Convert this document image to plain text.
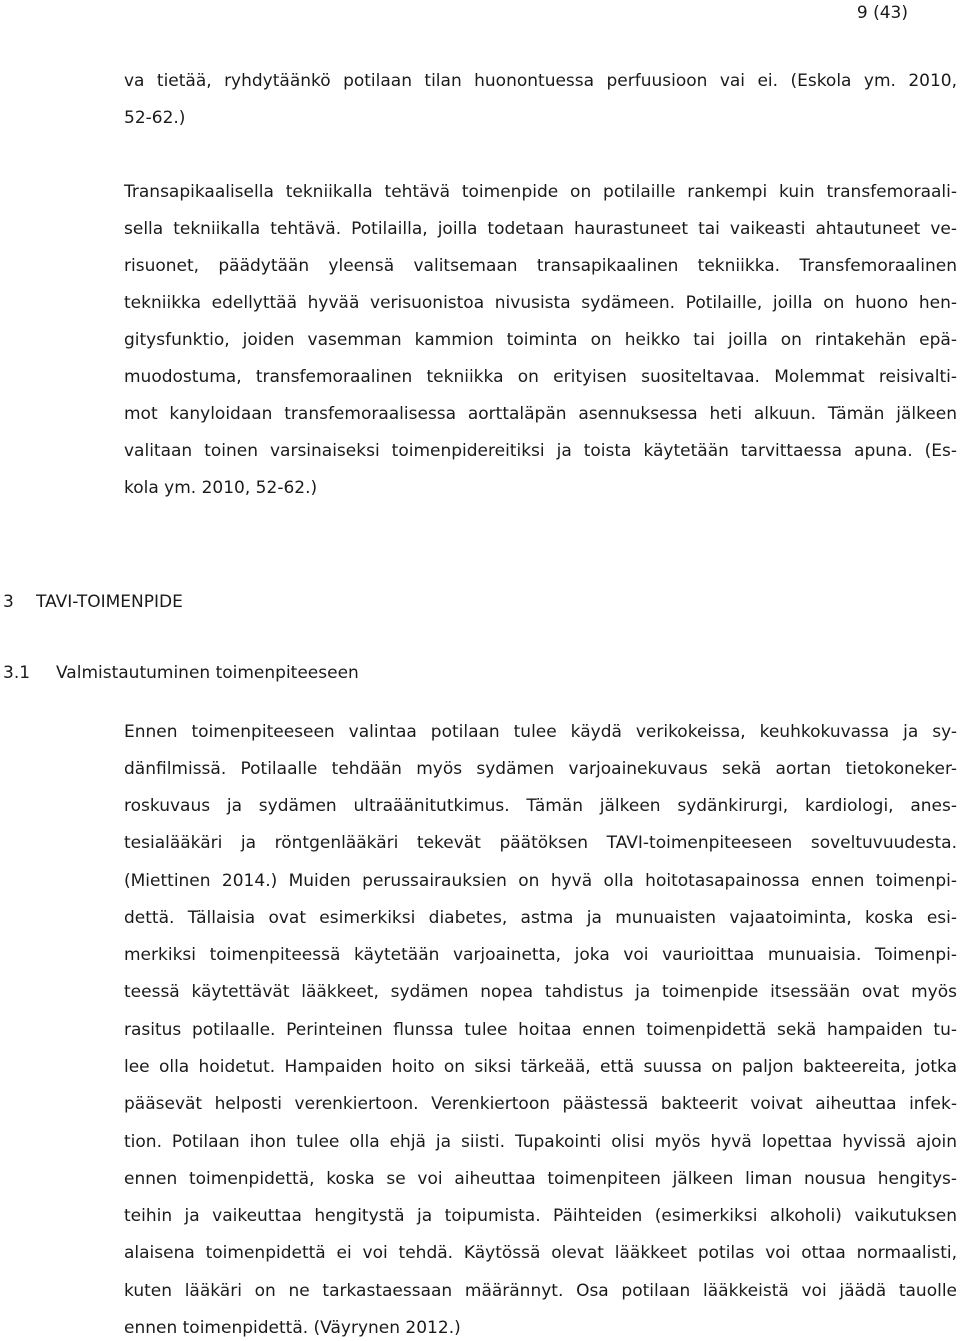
9 (43)
va tietää, ryhdytäänkö potilaan tilan huonontuessa perfuusioon vai ei. (Eskola ym. 2010,
52-62.)
Transapikaalisella tekniikalla tehtävä toimenpide on potilaille rankempi kuin transfemoraali-
sella tekniikalla tehtävä. Potilailla, joilla todetaan haurastuneet tai vaikeasti ahtautuneet ve-
risuonet, päädytään yleensä valitsemaan transapikaalinen tekniikka. Transfemoraalinen
tekniikka edellyttää hyvää verisuonistoa nivusista sydämeen. Potilaille, joilla on huono hen-
gitysfunktio, joiden vasemman kammion toiminta on heikko tai joilla on rintakehän epä-
muodostuma, transfemoraalinen tekniikka on erityisen suositeltavaa. Molemmat reisivalti-
mot kanyloidaan transfemoraalisessa aorttaläpän asennuksessa heti alkuun. Tämän jälkeen
valitaan toinen varsinaiseksi toimenpidereitiksi ja toista käytetään tarvittaessa apuna. (Es-
kola ym. 2010, 52-62.)
3 TAVI-TOIMENPIDE
3.1 Valmistautuminen toimenpiteeseen
Ennen toimenpiteeseen valintaa potilaan tulee käydä verikokeissa, keuhkokuvassa ja sy-
dänfilmissä. Potilaalle tehdään myös sydämen varjoainekuvaus sekä aortan tietokoneker-
roskuvaus ja sydämen ultraäänitutkimus. Tämän jälkeen sydänkirurgi, kardiologi, anes-
tesialääkäri ja röntgenlääkäri tekevät päätöksen TAVI-toimenpiteeseen soveltuvuudesta.
(Miettinen 2014.) Muiden perussairauksien on hyvä olla hoitotasapainossa ennen toimenpi-
dettä. Tällaisia ovat esimerkiksi diabetes, astma ja munuaisten vajaatoiminta, koska esi-
merkiksi toimenpiteessä käytetään varjoainetta, joka voi vaurioittaa munuaisia. Toimenpi-
teessä käytettävät lääkkeet, sydämen nopea tahdistus ja toimenpide itsessään ovat myös
rasitus potilaalle. Perinteinen flunssa tulee hoitaa ennen toimenpidettä sekä hampaiden tu-
lee olla hoidetut. Hampaiden hoito on siksi tärkeää, että suussa on paljon bakteereita, jotka
pääsevät helposti verenkiertoon. Verenkiertoon päästessä bakteerit voivat aiheuttaa infek-
tion. Potilaan ihon tulee olla ehjä ja siisti. Tupakointi olisi myös hyvä lopettaa hyvissä ajoin
ennen toimenpidettä, koska se voi aiheuttaa toimenpiteen jälkeen liman nousua hengitys-
teihin ja vaikeuttaa hengitystä ja toipumista. Päihteiden (esimerkiksi alkoholi) vaikutuksen
alaisena toimenpidettä ei voi tehdä. Käytössä olevat lääkkeet potilas voi ottaa normaalisti,
kuten lääkäri on ne tarkastaessaan määrännyt. Osa potilaan lääkkeistä voi jäädä tauolle
ennen toimenpidettä. (Väyrynen 2012.)
